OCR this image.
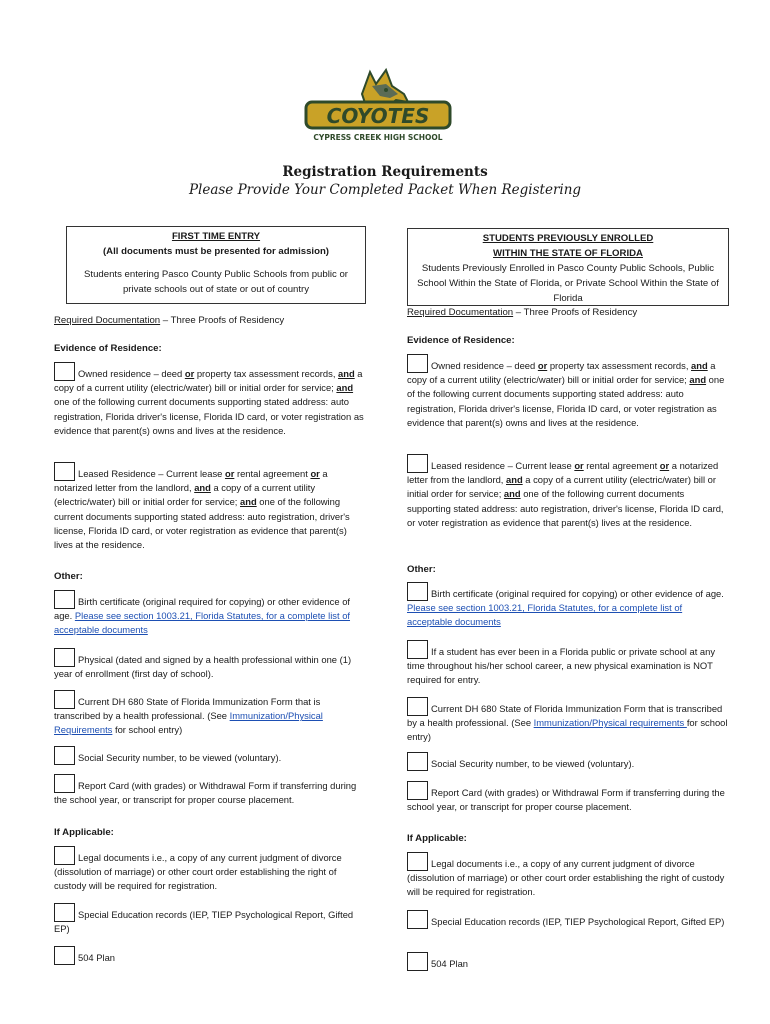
COYOTES
CYPRESS CREEK HIGH SCHOOL
Registration Requirements
Please Provide Your Completed Packet When Registering

FIRST TIME ENTRY

(All documents must be presented for admission)

Students entering Pasco County Public Schools from public or private schools out of state or out of country

Required Documentation – Three Proofs of Residency
Evidence of Residence:
Owned residence – deed or property tax assessment records, and a copy of a current utility (electric/water) bill or initial order for service; and one of the following current documents supporting stated address: auto registration, Florida driver's license, Florida ID card, or voter registration as evidence that parent(s) owns and lives at the residence.
Leased Residence – Current lease or rental agreement or a notarized letter from the landlord, and a copy of a current utility (electric/water) bill or initial order for service; and one of the following current documents supporting stated address: auto registration, driver's license, Florida ID card, or voter registration as evidence that parent(s) lives at the residence.
Other:
Birth certificate (original required for copying) or other evidence of age. Please see section 1003.21, Florida Statutes, for a complete list of acceptable documents
Physical (dated and signed by a health professional within one (1) year of enrollment (first day of school).
Current DH 680 State of Florida Immunization Form that is transcribed by a health professional. (See Immunization/Physical Requirements for school entry)
Social Security number, to be viewed (voluntary).
Report Card (with grades) or Withdrawal Form if transferring during the school year, or transcript for proper course placement.
If Applicable:
Legal documents i.e., a copy of any current judgment of divorce (dissolution of marriage) or other court order establishing the right of custody will be required for registration.
Special Education records (IEP, TIEP Psychological Report, Gifted EP)
504 Plan

STUDENTS PREVIOUSLY ENROLLED

WITHIN THE STATE OF FLORIDA

Students Previously Enrolled in Pasco County Public Schools, Public School Within the State of Florida, or Private School Within the State of Florida

Required Documentation – Three Proofs of Residency
Evidence of Residence:
Owned residence – deed or property tax assessment records, and a copy of a current utility (electric/water) bill or initial order for service; and one of the following current documents supporting stated address: auto registration, Florida driver's license, Florida ID card, or voter registration as evidence that parent(s) owns and lives at the residence.
Leased residence – Current lease or rental agreement or a notarized letter from the landlord, and a copy of a current utility (electric/water) bill or initial order for service; and one of the following current documents supporting stated address: auto registration, driver's license, Florida ID card, or voter registration as evidence that parent(s) lives at the residence.
Other:
Birth certificate (original required for copying) or other evidence of age. Please see section 1003.21, Florida Statutes, for a complete list of acceptable documents
If a student has ever been in a Florida public or private school at any time throughout his/her school career, a new physical examination is NOT required for entry.
Current DH 680 State of Florida Immunization Form that is transcribed by a health professional. (See Immunization/Physical requirements for school entry)
Social Security number, to be viewed (voluntary).
Report Card (with grades) or Withdrawal Form if transferring during the school year, or transcript for proper course placement.
If Applicable:
Legal documents i.e., a copy of any current judgment of divorce (dissolution of marriage) or other court order establishing the right of custody will be required for registration.
Special Education records (IEP, TIEP Psychological Report, Gifted EP)
504 Plan
